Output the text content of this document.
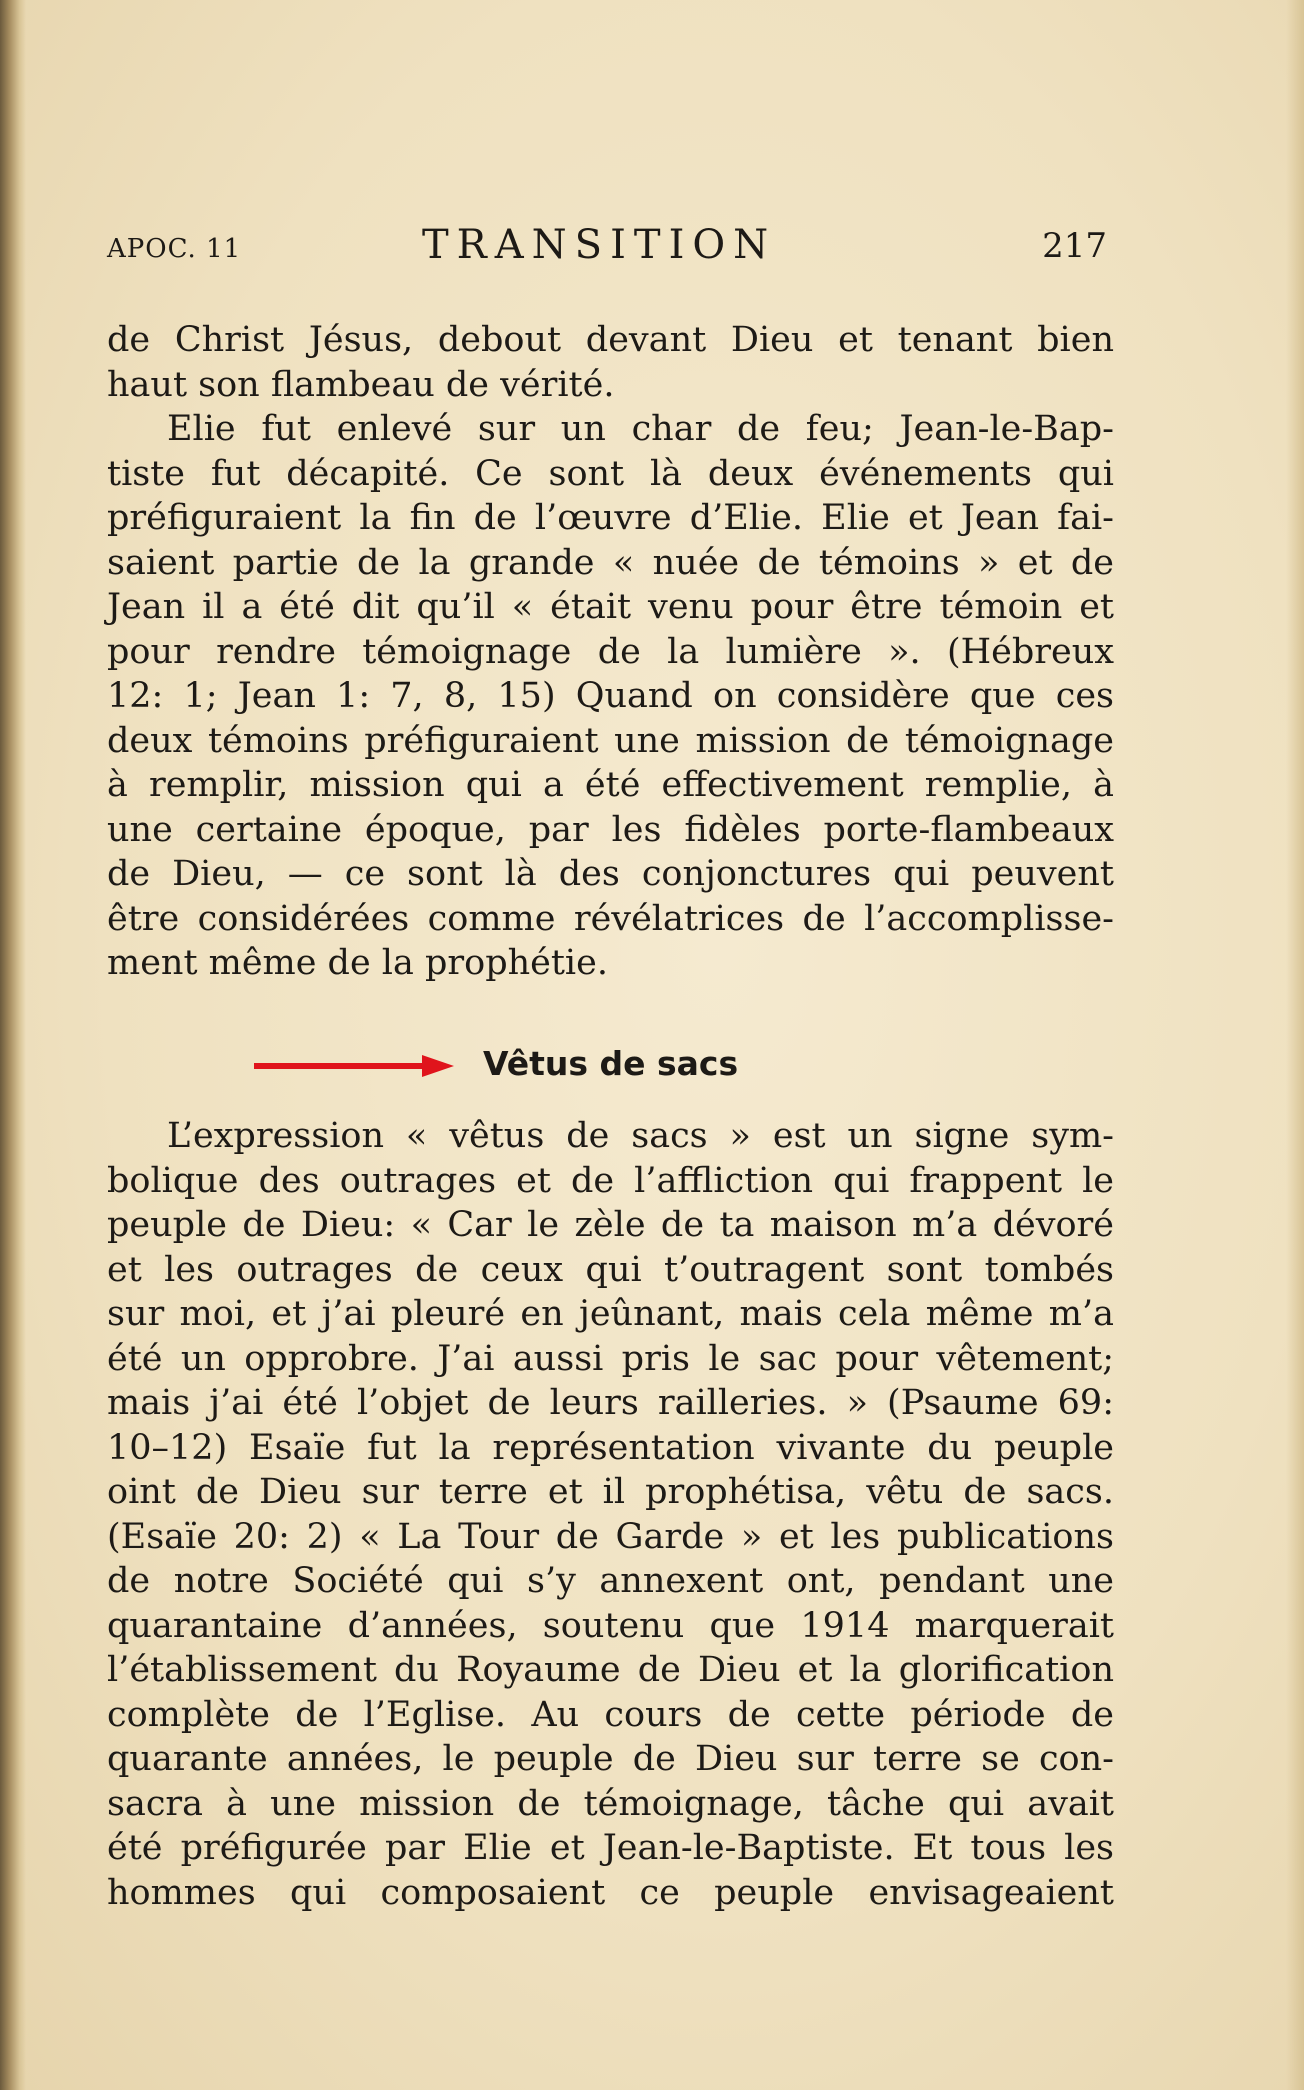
APOC. 11	TRANSITION	217
de Christ Jésus, debout devant Dieu et tenant bien
haut son flambeau de vérité.
Elie fut enlevé sur un char de feu; Jean‐le‐Bap‐
tiste fut décapité. Ce sont là deux événements qui
préfiguraient la fin de l’œuvre d’Elie. Elie et Jean fai‐
saient partie de la grande « nuée de témoins » et de
Jean il a été dit qu’il « était venu pour être témoin et
pour rendre témoignage de la lumière ». (Hébreux
12: 1; Jean 1: 7, 8, 15) Quand on considère que ces
deux témoins préfiguraient une mission de témoignage
à remplir, mission qui a été effectivement remplie, à
une certaine époque, par les fidèles porte‐flambeaux
de Dieu, — ce sont là des conjonctures qui peuvent
être considérées comme révélatrices de l’accomplisse‐
ment même de la prophétie.
Vêtus de sacs
L’expression « vêtus de sacs » est un signe sym‐
bolique des outrages et de l’affliction qui frappent le
peuple de Dieu: « Car le zèle de ta maison m’a dévoré
et les outrages de ceux qui t’outragent sont tombés
sur moi, et j’ai pleuré en jeûnant, mais cela même m’a
été un opprobre. J’ai aussi pris le sac pour vêtement;
mais j’ai été l’objet de leurs railleries. » (Psaume 69:
10–12) Esaïe fut la représentation vivante du peuple
oint de Dieu sur terre et il prophétisa, vêtu de sacs.
(Esaïe 20: 2) « La Tour de Garde » et les publications
de notre Société qui s’y annexent ont, pendant une
quarantaine d’années, soutenu que 1914 marquerait
l’établissement du Royaume de Dieu et la glorification
complète de l’Eglise. Au cours de cette période de
quarante années, le peuple de Dieu sur terre se con‐
sacra à une mission de témoignage, tâche qui avait
été préfigurée par Elie et Jean‐le‐Baptiste. Et tous les
hommes qui composaient ce peuple envisageaient
